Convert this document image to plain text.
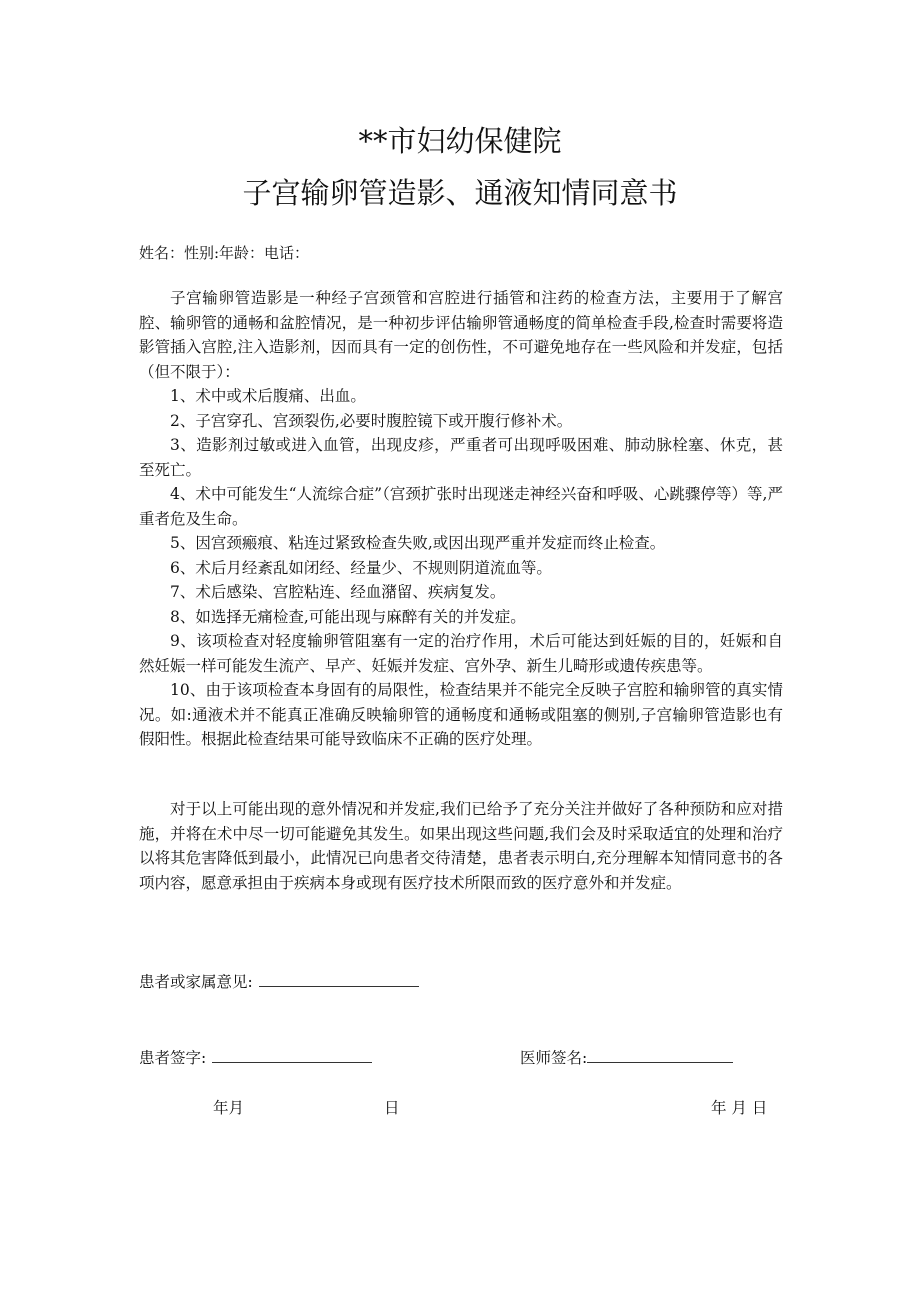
**市妇幼保健院
子宫输卵管造影、通液知情同意书
姓名：性别:年龄：电话：

子宫输卵管造影是一种经子宫颈管和宫腔进行插管和注药的检查方法，主要用于了解宫腔、输卵管的通畅和盆腔情况，是一种初步评估输卵管通畅度的简单检查手段,检查时需要将造影管插入宫腔,注入造影剂，因而具有一定的创伤性，不可避免地存在一些风险和并发症，包括（但不限于）：

1、术中或术后腹痛、出血。

2、子宫穿孔、宫颈裂伤,必要时腹腔镜下或开腹行修补术。

3、造影剂过敏或进入血管，出现皮疹，严重者可出现呼吸困难、肺动脉栓塞、休克，甚至死亡。

4、术中可能发生“人流综合症”（宫颈扩张时出现迷走神经兴奋和呼吸、心跳骤停等）等,严重者危及生命。

5、因宫颈瘢痕、粘连过紧致检查失败,或因出现严重并发症而终止检查。

6、术后月经紊乱如闭经、经量少、不规则阴道流血等。

7、术后感染、宫腔粘连、经血潴留、疾病复发。

8、如选择无痛检查,可能出现与麻醉有关的并发症。

9、该项检查对轻度输卵管阻塞有一定的治疗作用，术后可能达到妊娠的目的，妊娠和自然妊娠一样可能发生流产、早产、妊娠并发症、宫外孕、新生儿畸形或遗传疾患等。

10、由于该项检查本身固有的局限性，检查结果并不能完全反映子宫腔和输卵管的真实情况。如:通液术并不能真正准确反映输卵管的通畅度和通畅或阻塞的侧别,子宫输卵管造影也有假阳性。根据此检查结果可能导致临床不正确的医疗处理。

对于以上可能出现的意外情况和并发症,我们已给予了充分关注并做好了各种预防和应对措施，并将在术中尽一切可能避免其发生。如果出现这些问题,我们会及时采取适宜的处理和治疗以将其危害降低到最小，此情况已向患者交待清楚，患者表示明白,充分理解本知情同意书的各项内容，愿意承担由于疾病本身或现有医疗技术所限而致的医疗意外和并发症。

患者或家属意见:
患者签字:	医师签名:
年月	日	年 月 日
